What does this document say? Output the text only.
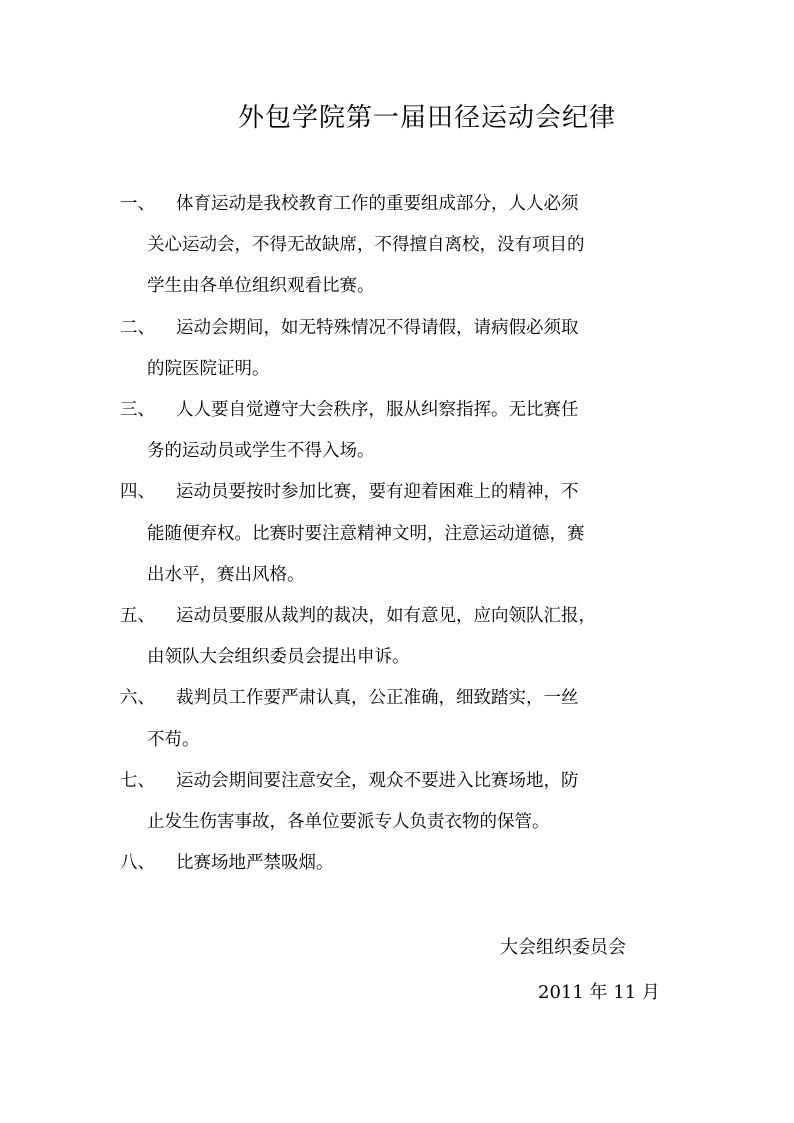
外包学院第一届田径运动会纪律
一、	体育运动是我校教育工作的重要组成部分，人人必须
关心运动会，不得无故缺席，不得擅自离校，没有项目的
学生由各单位组织观看比赛。
二、	运动会期间，如无特殊情况不得请假，请病假必须取
的院医院证明。
三、	人人要自觉遵守大会秩序，服从纠察指挥。无比赛任
务的运动员或学生不得入场。
四、	运动员要按时参加比赛，要有迎着困难上的精神，不
能随便弃权。比赛时要注意精神文明，注意运动道德，赛
出水平，赛出风格。
五、	运动员要服从裁判的裁决，如有意见，应向领队汇报，
由领队大会组织委员会提出申诉。
六、	裁判员工作要严肃认真，公正准确，细致踏实，一丝
不苟。
七、	运动会期间要注意安全，观众不要进入比赛场地，防
止发生伤害事故，各单位要派专人负责衣物的保管。
八、	比赛场地严禁吸烟。
大会组织委员会
2011 年 11 月
